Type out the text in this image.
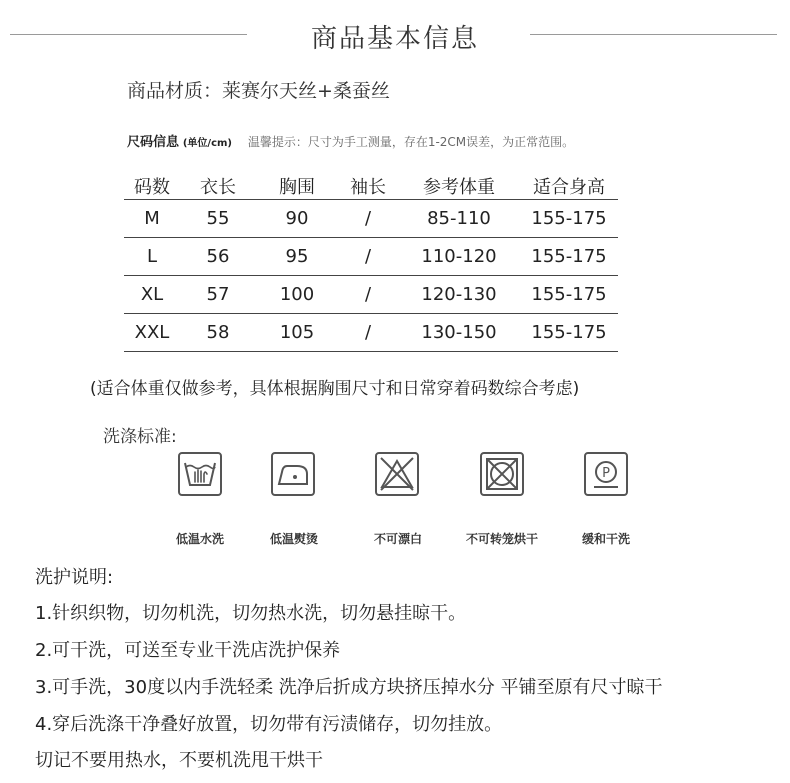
商品基本信息
商品材质：莱赛尔天丝+桑蚕丝
尺码信息 (单位/cm) 温馨提示：尺寸为手工测量，存在1-2CM误差，为正常范围。
码数	衣长	胸围	袖长	参考体重	适合身高
M	55	90	/	85-110	155-175
L	56	95	/	110-120	155-175
XL	57	100	/	120-130	155-175
XXL	58	105	/	130-150	155-175
(适合体重仅做参考，具体根据胸围尺寸和日常穿着码数综合考虑)
洗涤标准:
P
低温水洗	低温熨烫	不可漂白	不可转笼烘干	缓和干洗
洗护说明:
1.针织织物，切勿机洗，切勿热水洗，切勿悬挂晾干。
2.可干洗，可送至专业干洗店洗护保养
3.可手洗，30度以内手洗轻柔 洗净后折成方块挤压掉水分 平铺至原有尺寸晾干
4.穿后洗涤干净叠好放置，切勿带有污渍储存，切勿挂放。
切记不要用热水，不要机洗甩干烘干
